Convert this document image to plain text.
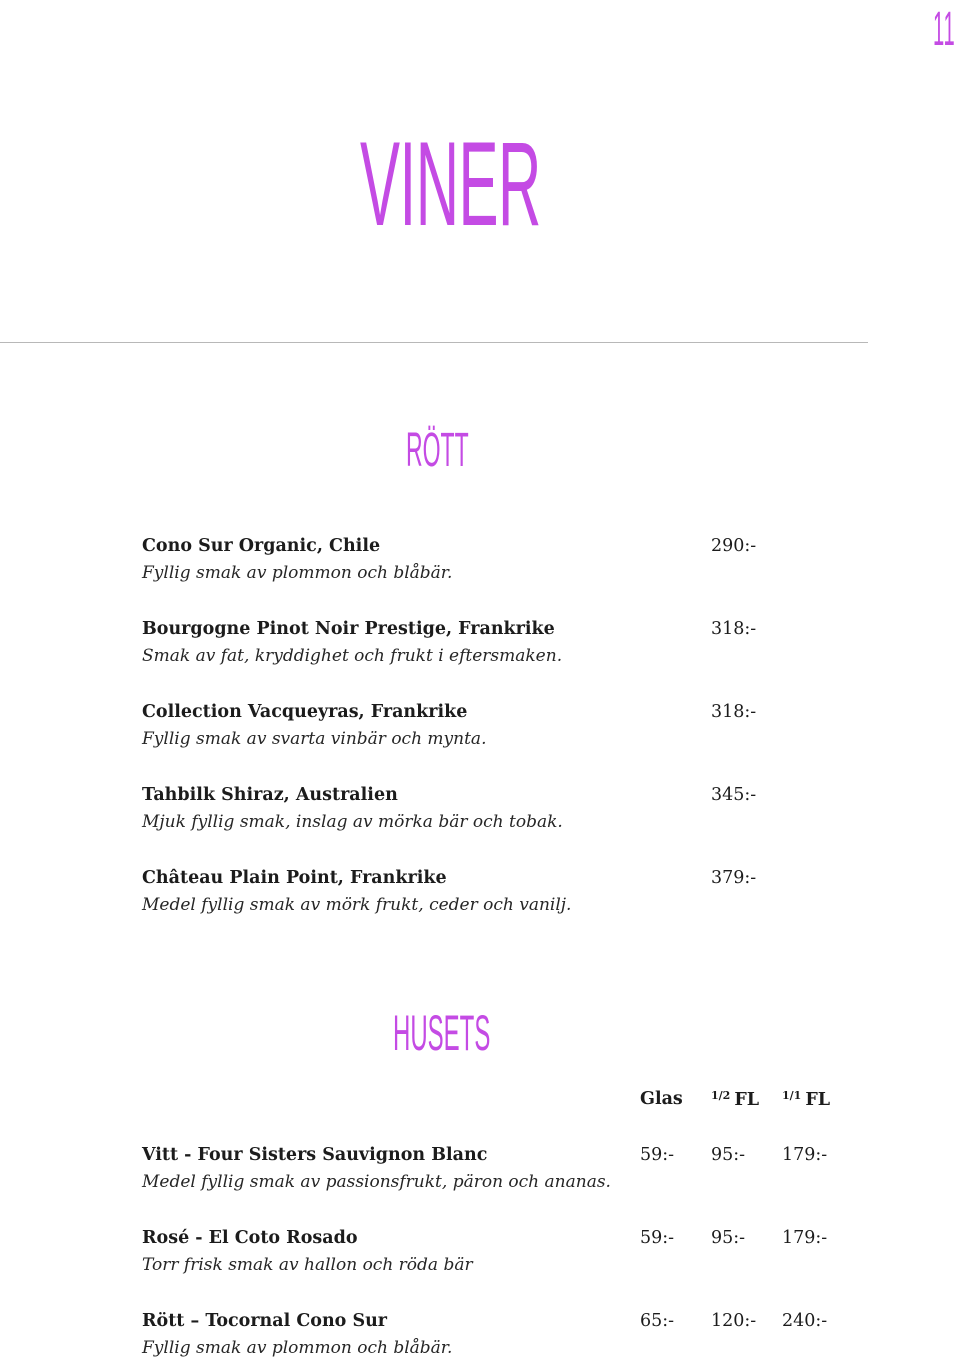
11
VINER
RÖTT
Cono Sur Organic, Chile	290:-
Fyllig smak av plommon och blåbär.
Bourgogne Pinot Noir Prestige, Frankrike	318:-
Smak av fat, kryddighet och frukt i eftersmaken.
Collection Vacqueyras, Frankrike	318:-
Fyllig smak av svarta vinbär och mynta.
Tahbilk Shiraz, Australien	345:-
Mjuk fyllig smak, inslag av mörka bär och tobak.
Château Plain Point, Frankrike	379:-
Medel fyllig smak av mörk frukt, ceder och vanilj.
HUSETS
Glas	$^{1/2}$ FL $^{1/1}$ FL
Vitt - Four Sisters Sauvignon Blanc	59:- 95:- 179:-
Medel fyllig smak av passionsfrukt, päron och ananas.
Rosé - El Coto Rosado	59:- 95:- 179:-
Torr frisk smak av hallon och röda bär
Rött – Tocornal Cono Sur	65:- 120:- 240:-
Fyllig smak av plommon och blåbär.
